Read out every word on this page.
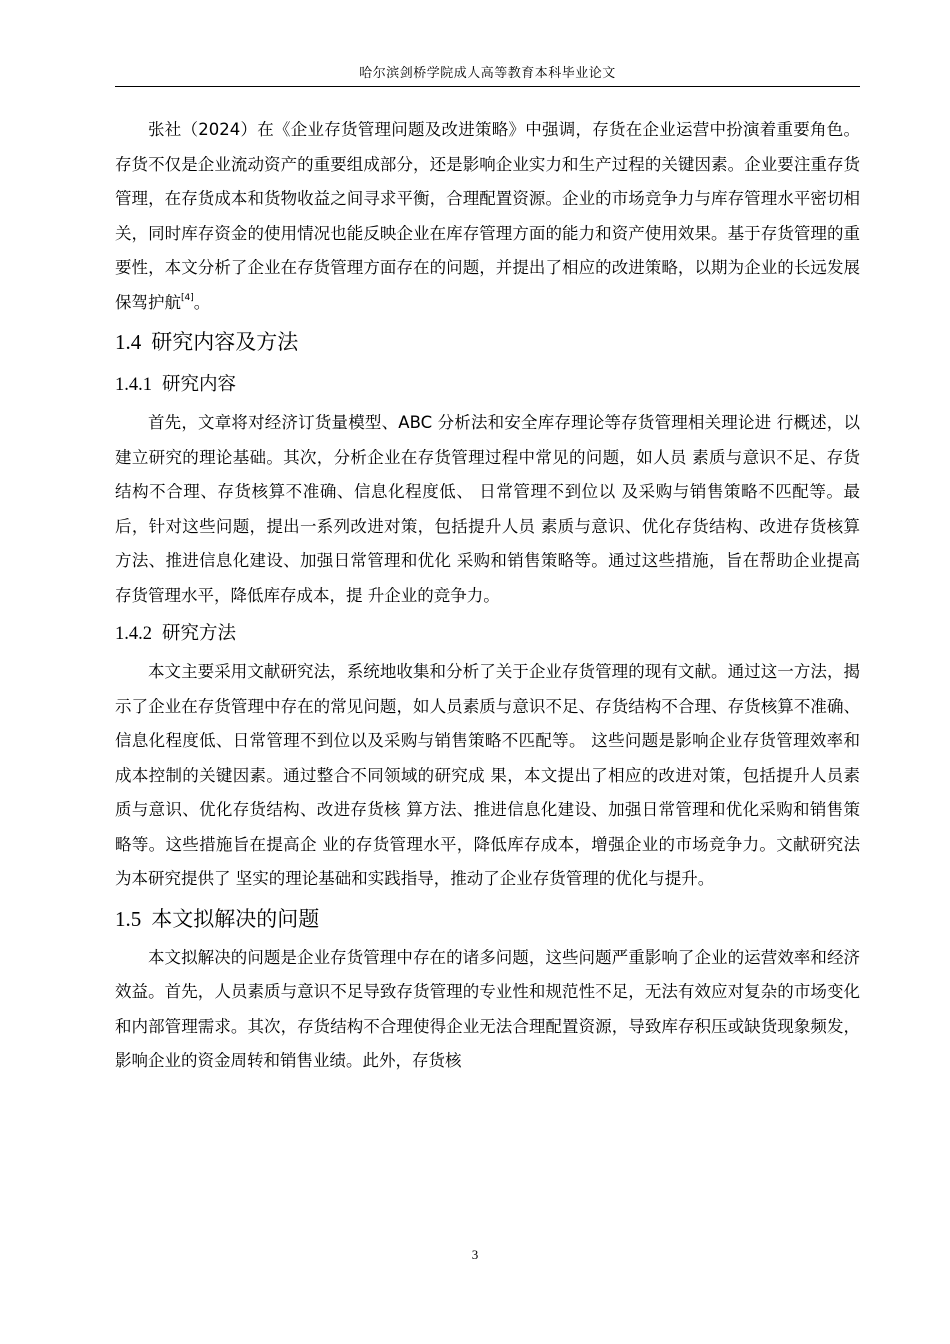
哈尔滨剑桥学院成人高等教育本科毕业论文

张社（2024）在《企业存货管理问题及改进策略》中强调，存货在企业运营中扮演着重要角色。存货不仅是企业流动资产的重要组成部分，还是影响企业实力和生产过程的关键因素。企业要注重存货管理，在存货成本和货物收益之间寻求平衡，合理配置资源。企业的市场竞争力与库存管理水平密切相关，同时库存资金的使用情况也能反映企业在库存管理方面的能力和资产使用效果。基于存货管理的重要性，本文分析了企业在存货管理方面存在的问题，并提出了相应的改进策略，以期为企业的长远发展保驾护航[4]。

1.4 研究内容及方法
1.4.1 研究内容

首先，文章将对经济订货量模型、ABC 分析法和安全库存理论等存货管理相关理论进 行概述，以建立研究的理论基础。其次，分析企业在存货管理过程中常见的问题，如人员 素质与意识不足、存货结构不合理、存货核算不准确、信息化程度低、 日常管理不到位以 及采购与销售策略不匹配等。最后，针对这些问题，提出一系列改进对策，包括提升人员 素质与意识、优化存货结构、改进存货核算方法、推进信息化建设、加强日常管理和优化 采购和销售策略等。通过这些措施，旨在帮助企业提高存货管理水平，降低库存成本，提 升企业的竞争力。

1.4.2 研究方法

本文主要采用文献研究法，系统地收集和分析了关于企业存货管理的现有文献。通过这一方法，揭示了企业在存货管理中存在的常见问题，如人员素质与意识不足、存货结构不合理、存货核算不准确、信息化程度低、日常管理不到位以及采购与销售策略不匹配等。 这些问题是影响企业存货管理效率和成本控制的关键因素。通过整合不同领域的研究成 果，本文提出了相应的改进对策，包括提升人员素质与意识、优化存货结构、改进存货核 算方法、推进信息化建设、加强日常管理和优化采购和销售策略等。这些措施旨在提高企 业的存货管理水平，降低库存成本，增强企业的市场竞争力。文献研究法为本研究提供了 坚实的理论基础和实践指导，推动了企业存货管理的优化与提升。

1.5 本文拟解决的问题

本文拟解决的问题是企业存货管理中存在的诸多问题，这些问题严重影响了企业的运营效率和经济效益。首先，人员素质与意识不足导致存货管理的专业性和规范性不足，无法有效应对复杂的市场变化和内部管理需求。其次，存货结构不合理使得企业无法合理配置资源，导致库存积压或缺货现象频发，影响企业的资金周转和销售业绩。此外，存货核

3
